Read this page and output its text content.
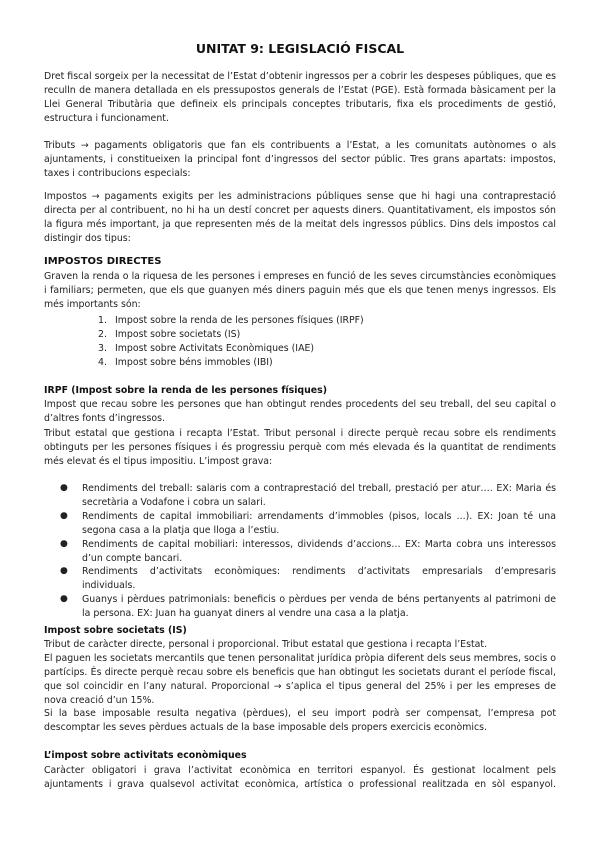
UNITAT 9: LEGISLACIÓ FISCAL

Dret fiscal sorgeix per la necessitat de l’Estat d’obtenir ingressos per a cobrir les despeses públiques, que es reculln de manera detallada en els pressupostos generals de l’Estat (PGE). Està formada bàsicament per la Llei General Tributària que defineix els principals conceptes tributaris, fixa els procediments de gestió, estructura i funcionament.

Tributs → pagaments obligatoris que fan els contribuents a l’Estat, a les comunitats autònomes o als ajuntaments, i constitueixen la principal font d’ingressos del sector públic. Tres grans apartats: impostos, taxes i contribucions especials:

Impostos → pagaments exigits per les administracions públiques sense que hi hagi una contraprestació directa per al contribuent, no hi ha un destí concret per aquests diners. Quantitativament, els impostos són la figura més important, ja que representen més de la meitat dels ingressos públics. Dins dels impostos cal distingir dos tipus:

IMPOSTOS DIRECTES

Graven la renda o la riquesa de les persones i empreses en funció de les seves circumstàncies econòmiques i familiars; permeten, que els que guanyen més diners paguin més que els que tenen menys ingressos. Els més importants són:

1. Impost sobre la renda de les persones físiques (IRPF)
2. Impost sobre societats (IS)
3. Impost sobre Activitats Econòmiques (IAE)
4. Impost sobre béns immobles (IBI)

IRPF (Impost sobre la renda de les persones físiques)

Impost que recau sobre les persones que han obtingut rendes procedents del seu treball, del seu capital o d’altres fonts d’ingressos.

Tribut estatal que gestiona i recapta l’Estat. Tribut personal i directe perquè recau sobre els rendiments obtinguts per les persones físiques i és progressiu perquè com més elevada és la quantitat de rendiments més elevat és el tipus impositiu. L’impost grava:

● Rendiments del treball: salaris com a contraprestació del treball, prestació per atur…. EX: Maria és secretària a Vodafone i cobra un salari.
● Rendiments de capital immobiliari: arrendaments d’immobles (pisos, locals ...). EX: Joan té una segona casa a la platja que lloga a l’estiu.
● Rendiments de capital mobiliari: interessos, dividends d’accions… EX: Marta cobra uns interessos d’un compte bancari.
● Rendiments d’activitats econòmiques: rendiments d’activitats empresarials d’empresaris individuals.
● Guanys i pèrdues patrimonials: beneficis o pèrdues per venda de béns pertanyents al patrimoni de la persona. EX: Juan ha guanyat diners al vendre una casa a la platja.

Impost sobre societats (IS)

Tribut de caràcter directe, personal i proporcional. Tribut estatal que gestiona i recapta l’Estat.

El paguen les societats mercantils que tenen personalitat jurídica pròpia diferent dels seus membres, socis o partícips. És directe perquè recau sobre els beneficis que han obtingut les societats durant el període fiscal, que sol coincidir en l’any natural. Proporcional → s’aplica el tipus general del 25% i per les empreses de nova creació d’un 15%.

Si la base imposable resulta negativa (pèrdues), el seu import podrà ser compensat, l’empresa pot descomptar les seves pèrdues actuals de la base imposable dels propers exercicis econòmics.

L’impost sobre activitats econòmiques

Caràcter obligatori i grava l’activitat econòmica en territori espanyol. És gestionat localment pels ajuntaments i grava qualsevol activitat econòmica, artística o professional realitzada en sòl espanyol.
